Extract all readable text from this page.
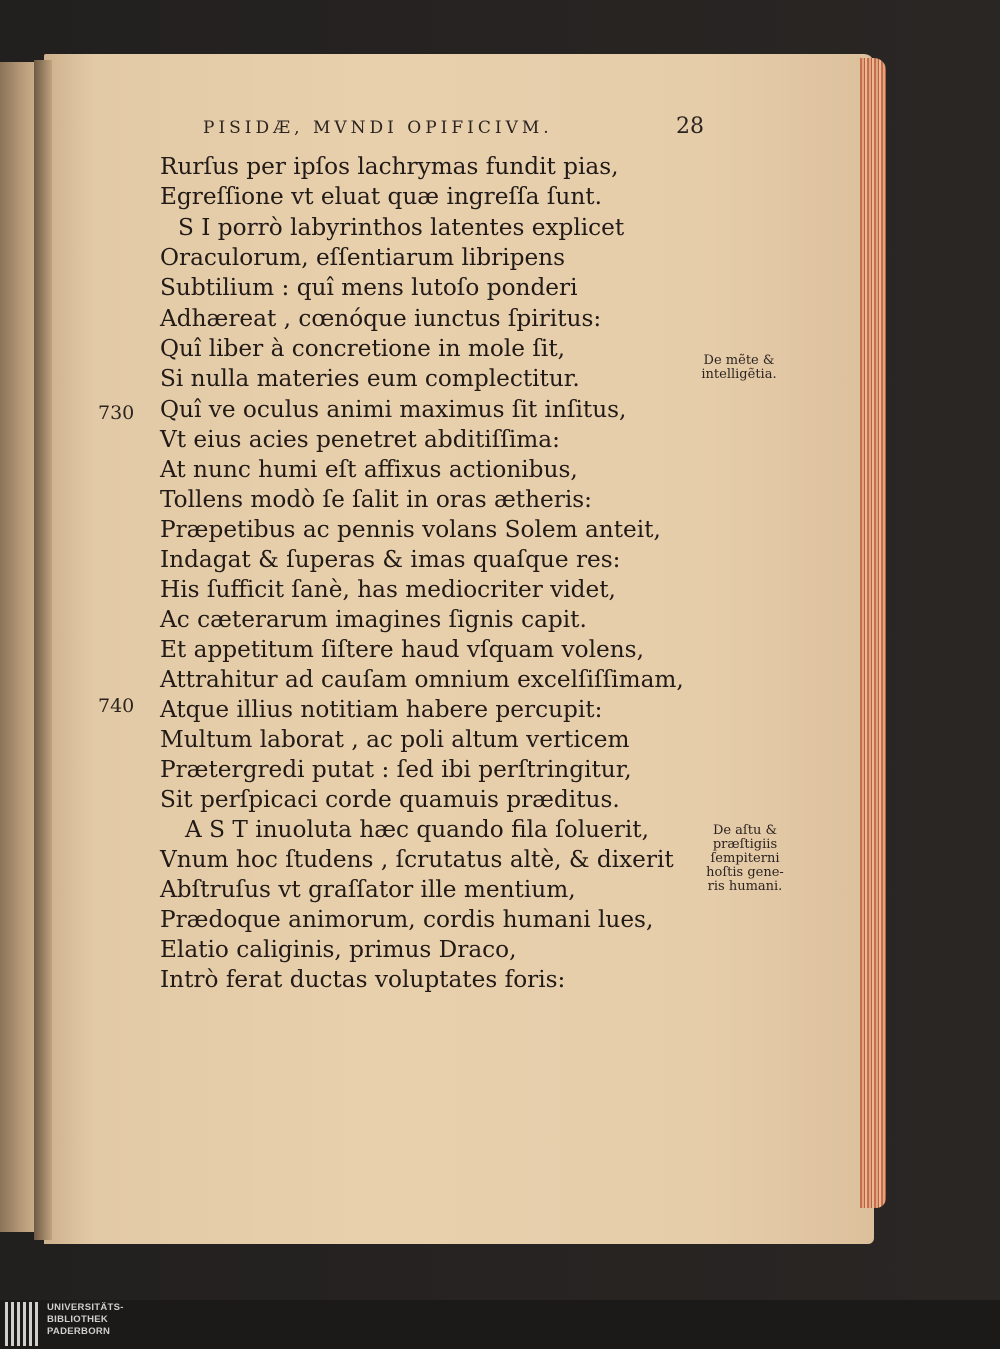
PISIDÆ, MVNDI OPIFICIVM.	28
Rurſus per ipſos lachrymas fundit pias,
Egreſſione vt eluat quæ ingreſſa ſunt.
S I porrò labyrinthos latentes explicet
Oraculorum, eſſentiarum libripens
Subtilium : quî mens lutoſo ponderi
Adhæreat , cœnóque iunctus ſpiritus:
Quî liber à concretione in mole ſit,
Si nulla materies eum complectitur.
Quî ve oculus animi maximus ſit inſitus,
Vt eius acies penetret abditiſſima:
At nunc humi eſt affixus actionibus,
Tollens modò ſe ſalit in oras ætheris:
Præpetibus ac pennis volans Solem anteit,
Indagat & ſuperas & imas quaſque res:
His ſufficit ſanè, has mediocriter videt,
Ac cæterarum imagines ſignis capit.
Et appetitum ſiſtere haud vſquam volens,
Attrahitur ad cauſam omnium excelſiſſimam,
Atque illius notitiam habere percupit:
Multum laborat , ac poli altum verticem
Prætergredi putat : ſed ibi perſtringitur,
Sit perſpicaci corde quamuis præditus.
A S T inuoluta hæc quando fila ſoluerit,
Vnum hoc ſtudens , ſcrutatus altè, & dixerit
Abſtruſus vt graſſator ille mentium,
Prædoque animorum, cordis humani lues,
Elatio caliginis, primus Draco,
Intrò ferat ductas voluptates foris:
730
740
De mẽte &
intelligẽtia.
De aſtu &
præſtigiis
ſempiterni
hoſtis gene-
ris humani.
UNIVERSITÄTS-
BIBLIOTHEK
PADERBORN
